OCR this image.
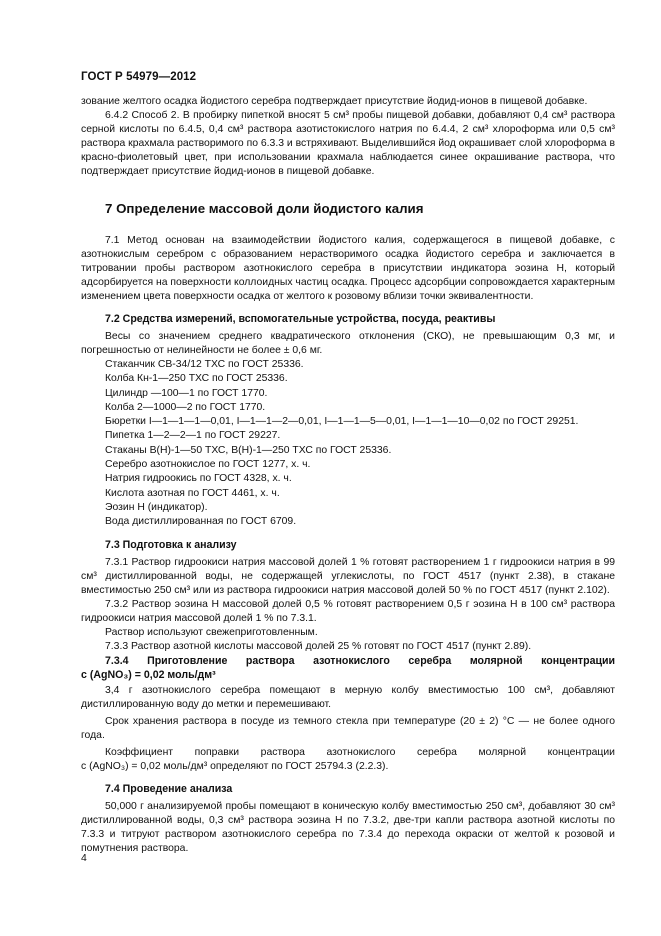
ГОСТ Р 54979—2012

зование желтого осадка йодистого серебра подтверждает присутствие йодид-ионов в пищевой добавке.

6.4.2 Способ 2. В пробирку пипеткой вносят 5 см³ пробы пищевой добавки, добавляют 0,4 см³ раствора серной кислоты по 6.4.5, 0,4 см³ раствора азотистокислого натрия по 6.4.4, 2 см³ хлороформа или 0,5 см³ раствора крахмала растворимого по 6.3.3 и встряхивают. Выделившийся йод окрашивает слой хлороформа в красно-фиолетовый цвет, при использовании крахмала наблюдается синее окрашивание раствора, что подтверждает присутствие йодид-ионов в пищевой добавке.

7 Определение массовой доли йодистого калия

7.1 Метод основан на взаимодействии йодистого калия, содержащегося в пищевой добавке, с азотнокислым серебром с образованием нерастворимого осадка йодистого серебра и заключается в титровании пробы раствором азотнокислого серебра в присутствии индикатора эозина Н, который адсорбируется на поверхности коллоидных частиц осадка. Процесс адсорбции сопровождается характерным изменением цвета поверхности осадка от желтого к розовому вблизи точки эквивалентности.

7.2 Средства измерений, вспомогательные устройства, посуда, реактивы

Весы со значением среднего квадратического отклонения (СКО), не превышающим 0,3 мг, и погрешностью от нелинейности не более ± 0,6 мг.

Стаканчик СВ-34/12 ТХС по ГОСТ 25336.

Колба Кн-1—250 ТХС по ГОСТ 25336.

Цилиндр —100—1 по ГОСТ 1770.

Колба 2—1000—2 по ГОСТ 1770.

Бюретки I—1—1—1—0,01, I—1—1—2—0,01, I—1—1—5—0,01, I—1—1—10—0,02 по ГОСТ 29251.

Пипетка 1—2—2—1 по ГОСТ 29227.

Стаканы В(Н)-1—50 ТХС, В(Н)-1—250 ТХС по ГОСТ 25336.

Серебро азотнокислое по ГОСТ 1277, х. ч.

Натрия гидроокись по ГОСТ 4328, х. ч.

Кислота азотная по ГОСТ 4461, х. ч.

Эозин Н (индикатор).

Вода дистиллированная по ГОСТ 6709.

7.3 Подготовка к анализу

7.3.1 Раствор гидроокиси натрия массовой долей 1 % готовят растворением 1 г гидроокиси натрия в 99 см³ дистиллированной воды, не содержащей углекислоты, по ГОСТ 4517 (пункт 2.38), в стакане вместимостью 250 см³ или из раствора гидроокиси натрия массовой долей 50 % по ГОСТ 4517 (пункт 2.102).

7.3.2 Раствор эозина Н массовой долей 0,5 % готовят растворением 0,5 г эозина Н в 100 см³ раствора гидроокиси натрия массовой долей 1 % по 7.3.1.

Раствор используют свежеприготовленным.

7.3.3 Раствор азотной кислоты массовой долей 25 % готовят по ГОСТ 4517 (пункт 2.89).

7.3.4 Приготовление раствора азотнокислого серебра молярной концентрации

c (AgNO₃) = 0,02 моль/дм³

3,4 г азотнокислого серебра помещают в мерную колбу вместимостью 100 см³, добавляют дистиллированную воду до метки и перемешивают.

Срок хранения раствора в посуде из темного стекла при температуре (20 ± 2) °С — не более одного года.

Коэффициент поправки раствора азотнокислого серебра молярной концентрации

c (AgNO₃) = 0,02 моль/дм³ определяют по ГОСТ 25794.3 (2.2.3).

7.4 Проведение анализа

50,000 г анализируемой пробы помещают в коническую колбу вместимостью 250 см³, добавляют 30 см³ дистиллированной воды, 0,3 см³ раствора эозина Н по 7.3.2, две-три капли раствора азотной кислоты по 7.3.3 и титруют раствором азотнокислого серебра по 7.3.4 до перехода окраски от желтой к розовой и помутнения раствора.

4
